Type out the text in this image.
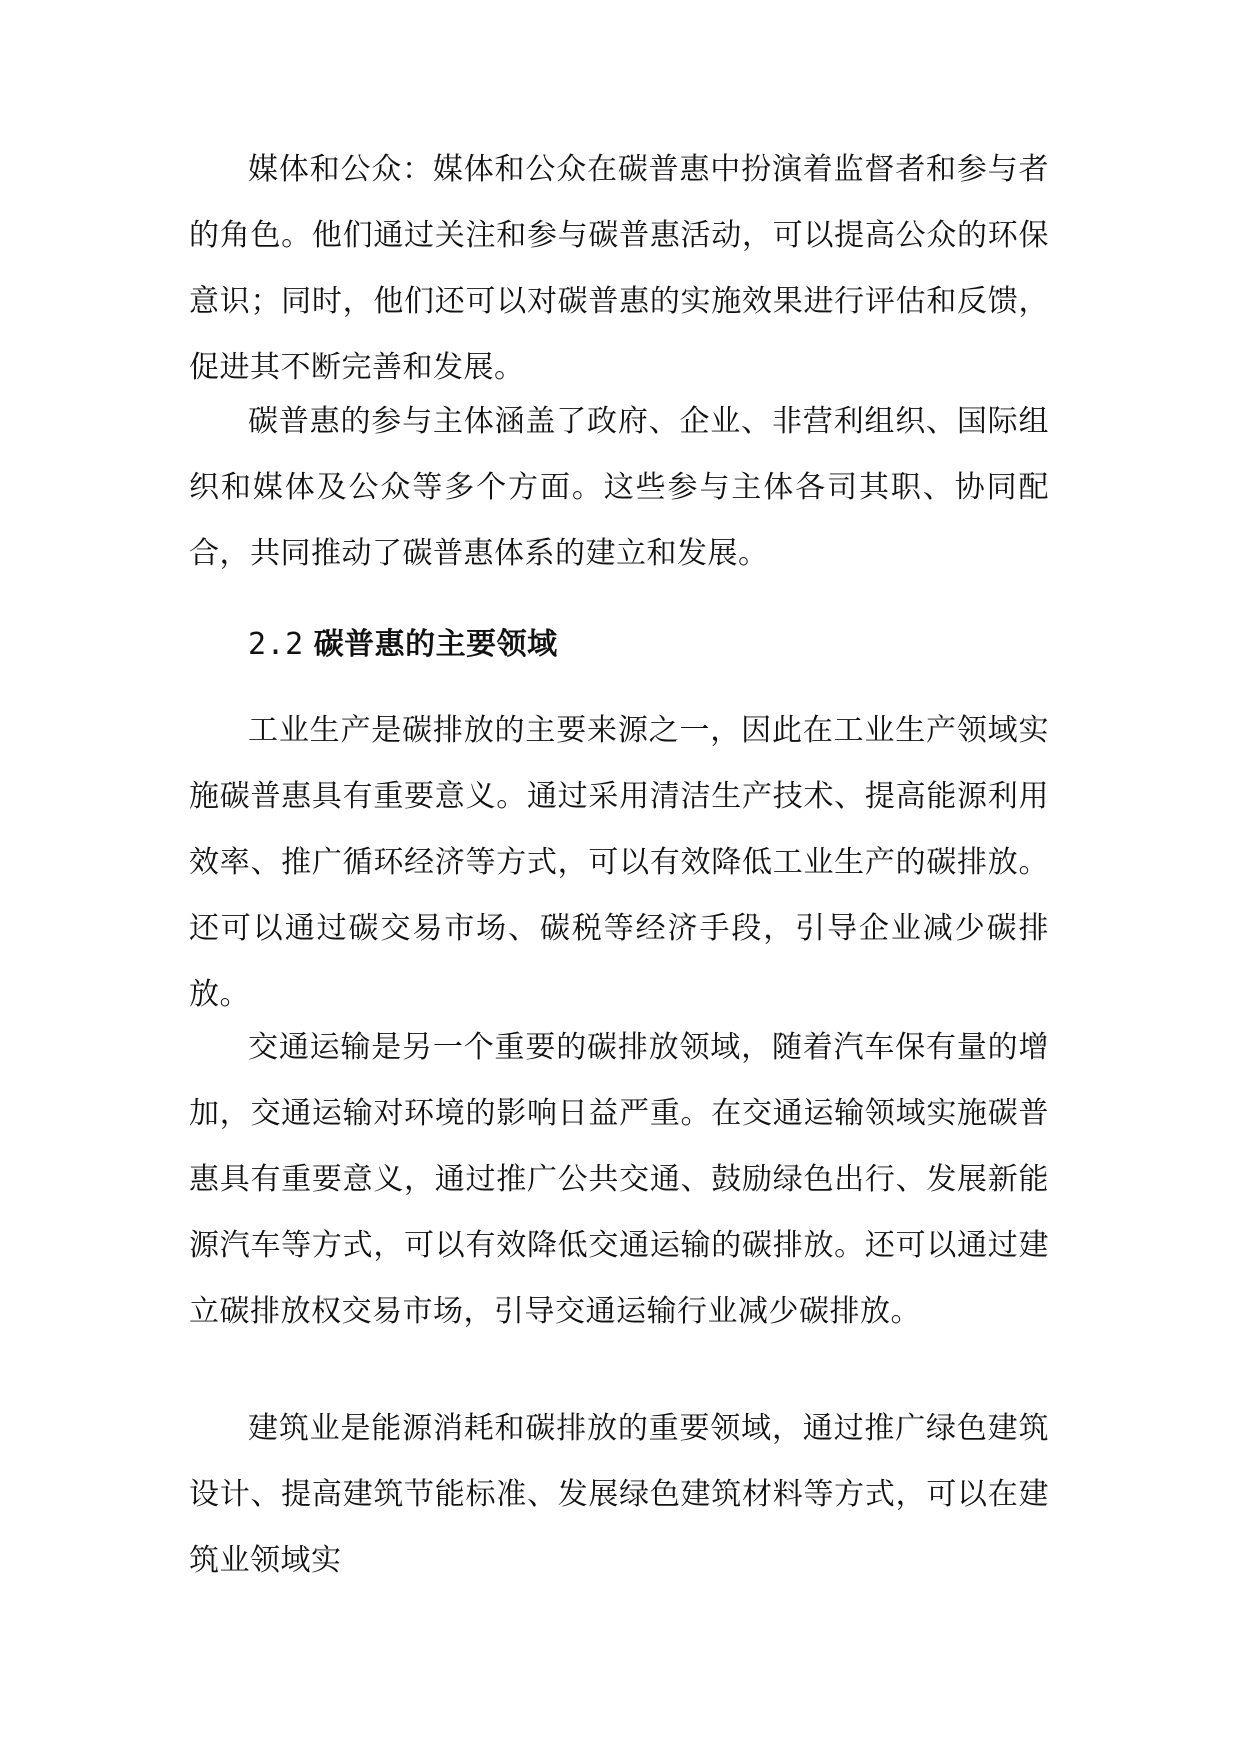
媒体和公众：媒体和公众在碳普惠中扮演着监督者和参与者的角色。他们通过关注和参与碳普惠活动，可以提高公众的环保意识；同时，他们还可以对碳普惠的实施效果进行评估和反馈，促进其不断完善和发展。

碳普惠的参与主体涵盖了政府、企业、非营利组织、国际组织和媒体及公众等多个方面。这些参与主体各司其职、协同配合，共同推动了碳普惠体系的建立和发展。

2.2 碳普惠的主要领域

工业生产是碳排放的主要来源之一，因此在工业生产领域实施碳普惠具有重要意义。通过采用清洁生产技术、提高能源利用效率、推广循环经济等方式，可以有效降低工业生产的碳排放。还可以通过碳交易市场、碳税等经济手段，引导企业减少碳排放。

交通运输是另一个重要的碳排放领域，随着汽车保有量的增加，交通运输对环境的影响日益严重。在交通运输领域实施碳普惠具有重要意义，通过推广公共交通、鼓励绿色出行、发展新能源汽车等方式，可以有效降低交通运输的碳排放。还可以通过建立碳排放权交易市场，引导交通运输行业减少碳排放。

建筑业是能源消耗和碳排放的重要领域，通过推广绿色建筑设计、提高建筑节能标准、发展绿色建筑材料等方式，可以在建筑业领域实
